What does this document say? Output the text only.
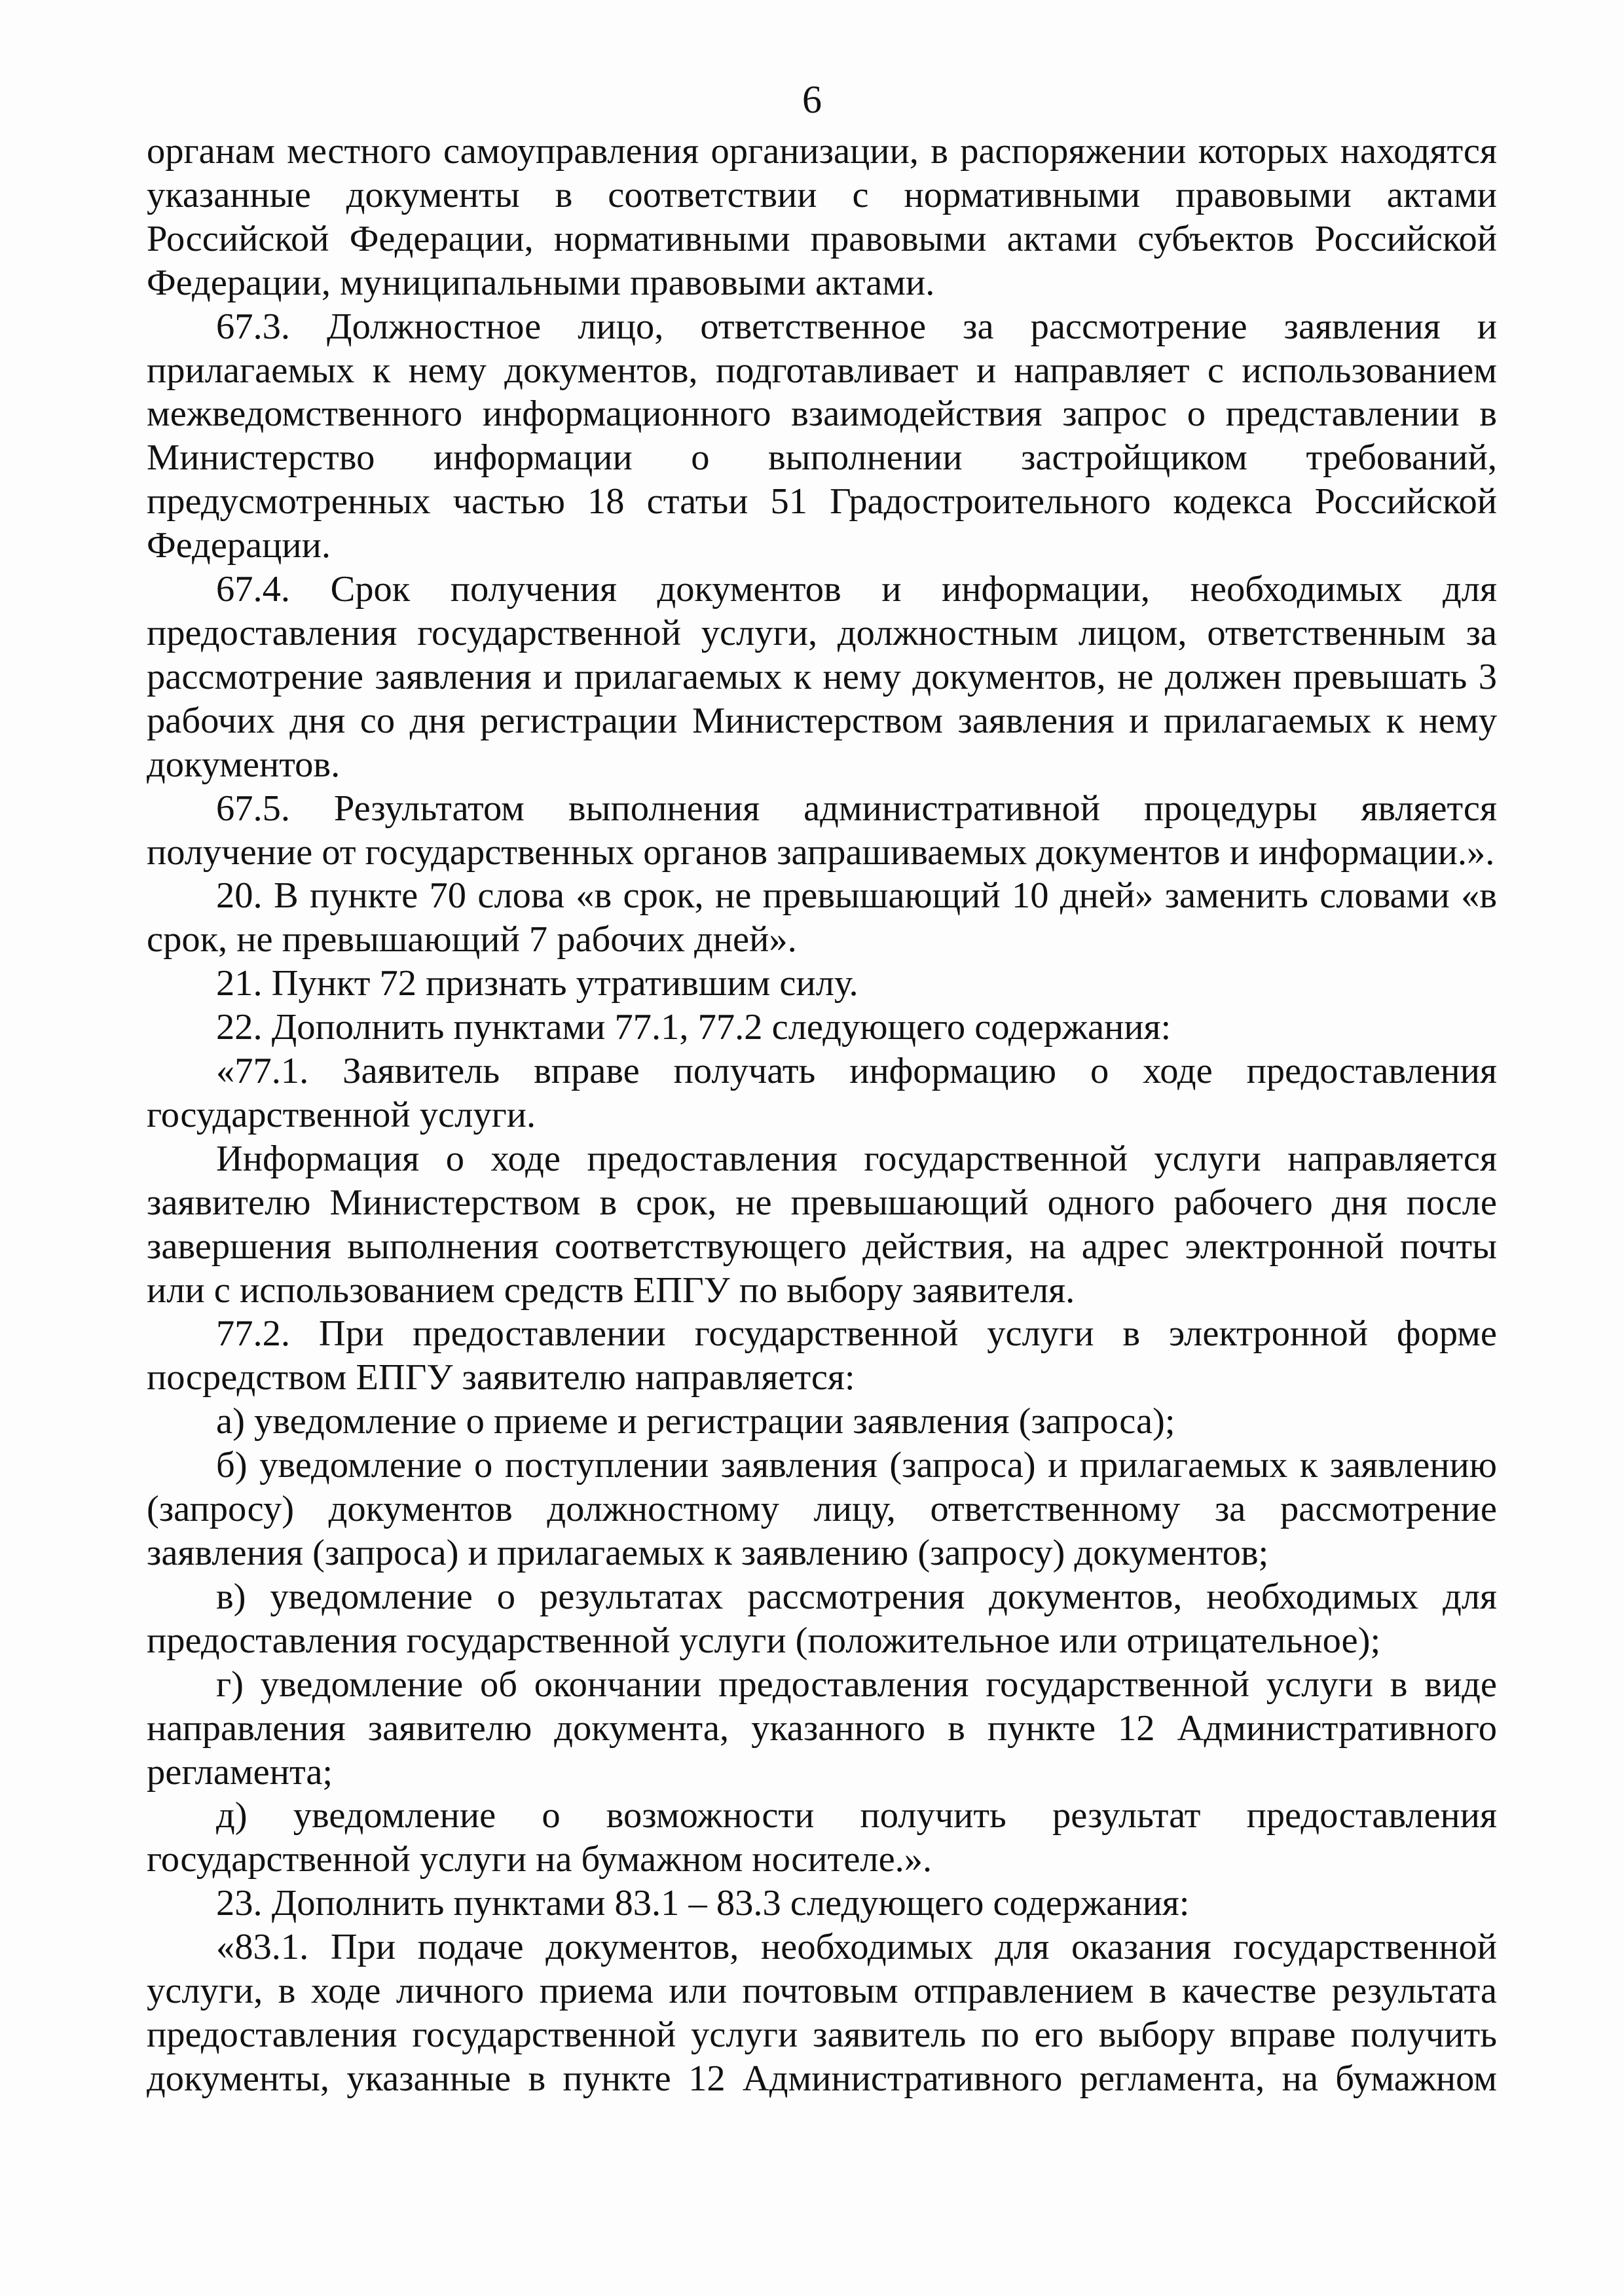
6

органам местного самоуправления организации, в распоряжении которых находятся указанные документы в соответствии с нормативными правовыми актами Российской Федерации, нормативными правовыми актами субъектов Российской Федерации, муниципальными правовыми актами.

67.3. Должностное лицо, ответственное за рассмотрение заявления и прилагаемых к нему документов, подготавливает и направляет с использованием межведомственного информационного взаимодействия запрос о представлении в Министерство информации о выполнении застройщиком требований, предусмотренных частью 18 статьи 51 Градостроительного кодекса Российской Федерации.

67.4. Срок получения документов и информации, необходимых для предоставления государственной услуги, должностным лицом, ответственным за рассмотрение заявления и прилагаемых к нему документов, не должен превышать 3 рабочих дня со дня регистрации Министерством заявления и прилагаемых к нему документов.

67.5. Результатом выполнения административной процедуры является получение от государственных органов запрашиваемых документов и информации.».

20. В пункте 70 слова «в срок, не превышающий 10 дней» заменить словами «в срок, не превышающий 7 рабочих дней».

21. Пункт 72 признать утратившим силу.

22. Дополнить пунктами 77.1, 77.2 следующего содержания:

«77.1. Заявитель вправе получать информацию о ходе предоставления государственной услуги.

Информация о ходе предоставления государственной услуги направляется заявителю Министерством в срок, не превышающий одного рабочего дня после завершения выполнения соответствующего действия, на адрес электронной почты или с использованием средств ЕПГУ по выбору заявителя.

77.2. При предоставлении государственной услуги в электронной форме посредством ЕПГУ заявителю направляется:

а) уведомление о приеме и регистрации заявления (запроса);

б) уведомление о поступлении заявления (запроса) и прилагаемых к заявлению (запросу) документов должностному лицу, ответственному за рассмотрение заявления (запроса) и прилагаемых к заявлению (запросу) документов;

в) уведомление о результатах рассмотрения документов, необходимых для предоставления государственной услуги (положительное или отрицательное);

г) уведомление об окончании предоставления государственной услуги в виде направления заявителю документа, указанного в пункте 12 Административного регламента;

д) уведомление о возможности получить результат предоставления государственной услуги на бумажном носителе.».

23. Дополнить пунктами 83.1 – 83.3 следующего содержания:

«83.1. При подаче документов, необходимых для оказания государственной услуги, в ходе личного приема или почтовым отправлением в качестве результата предоставления государственной услуги заявитель по его выбору вправе получить документы, указанные в пункте 12 Административного регламента, на бумажном
